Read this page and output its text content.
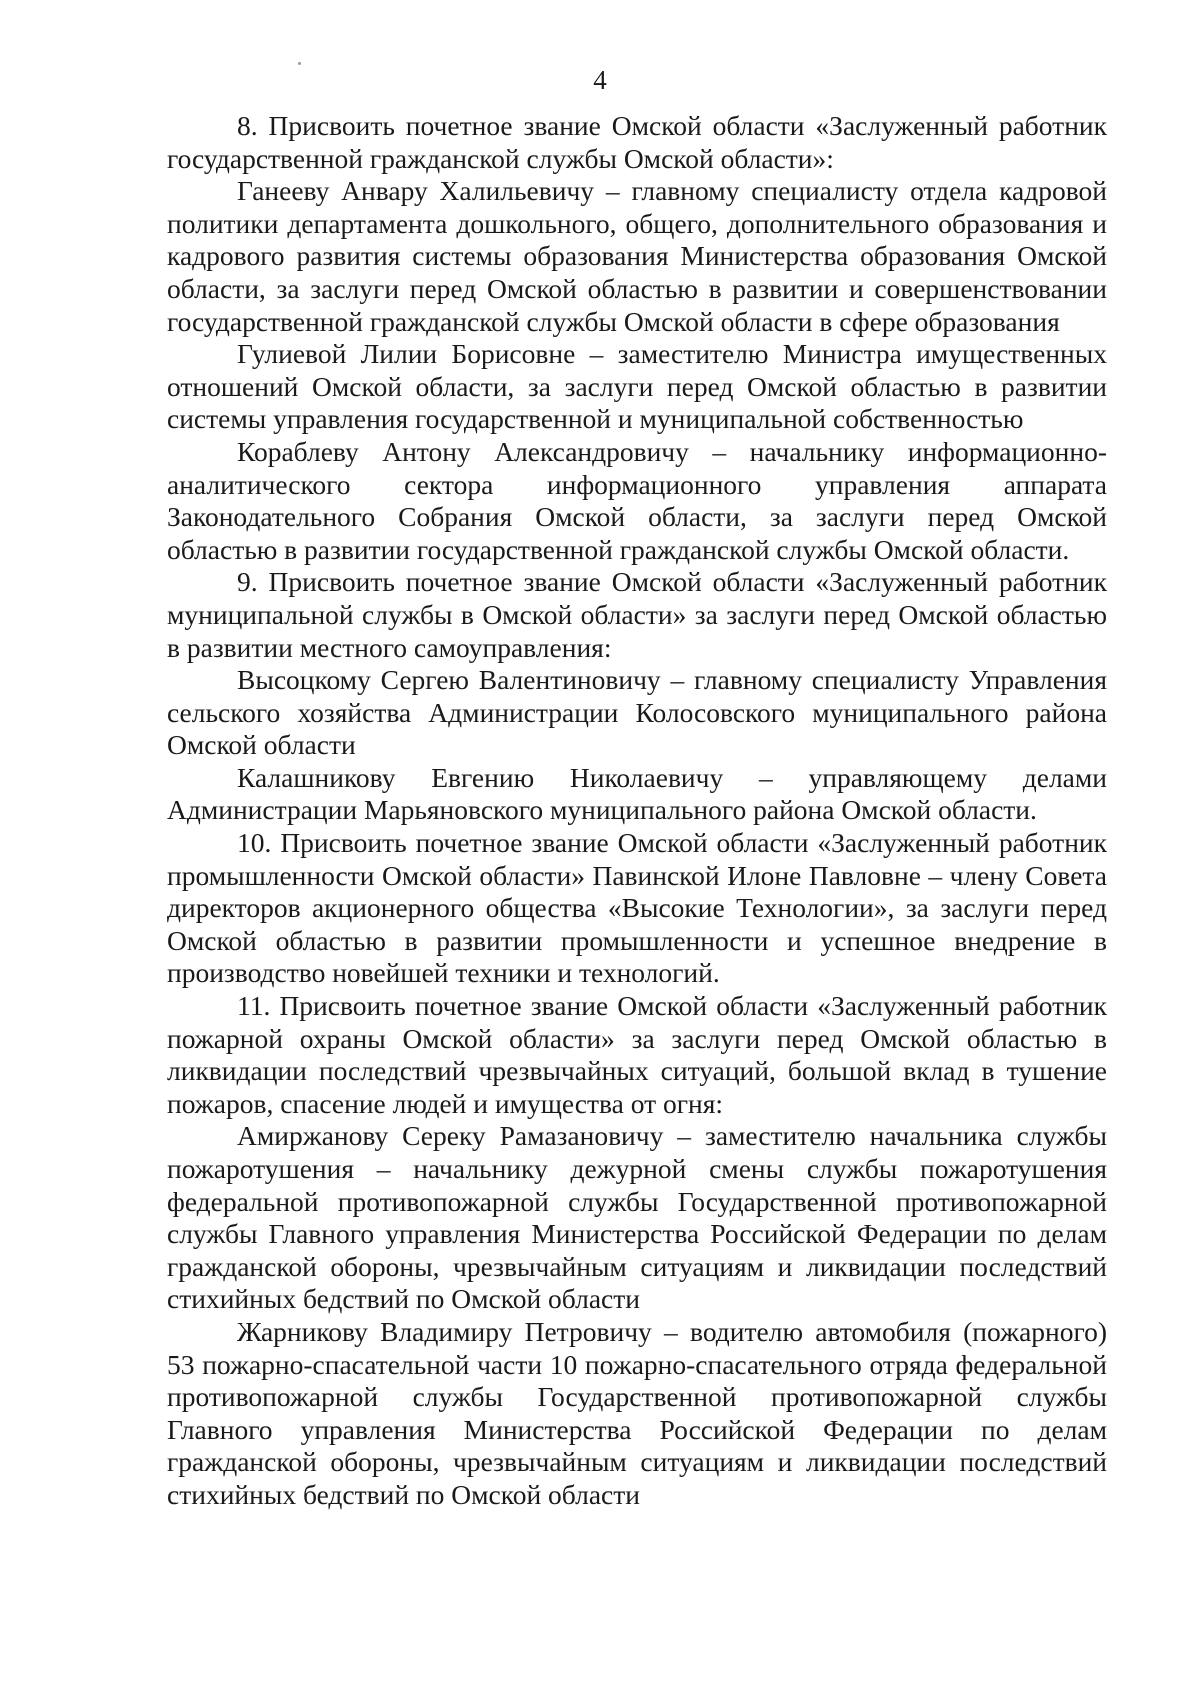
4

8. Присвоить почетное звание Омской области «Заслуженный работник государственной гражданской службы Омской области»:

Ганееву Анвару Халильевичу – главному специалисту отдела кадровой политики департамента дошкольного, общего, дополнительного образования и кадрового развития системы образования Министерства образования Омской области, за заслуги перед Омской областью в развитии и совершенствовании государственной гражданской службы Омской области в сфере образования

Гулиевой Лилии Борисовне – заместителю Министра имущественных отношений Омской области, за заслуги перед Омской областью в развитии системы управления государственной и муниципальной собственностью

Кораблеву Антону Александровичу – начальнику информационно-аналитического сектора информационного управления аппарата Законодательного Собрания Омской области, за заслуги перед Омской областью в развитии государственной гражданской службы Омской области.

9. Присвоить почетное звание Омской области «Заслуженный работник муниципальной службы в Омской области» за заслуги перед Омской областью в развитии местного самоуправления:

Высоцкому Сергею Валентиновичу – главному специалисту Управления сельского хозяйства Администрации Колосовского муниципального района Омской области

Калашникову Евгению Николаевичу – управляющему делами Администрации Марьяновского муниципального района Омской области.

10. Присвоить почетное звание Омской области «Заслуженный работник промышленности Омской области» Павинской Илоне Павловне – члену Совета директоров акционерного общества «Высокие Технологии», за заслуги перед Омской областью в развитии промышленности и успешное внедрение в производство новейшей техники и технологий.

11. Присвоить почетное звание Омской области «Заслуженный работник пожарной охраны Омской области» за заслуги перед Омской областью в ликвидации последствий чрезвычайных ситуаций, большой вклад в тушение пожаров, спасение людей и имущества от огня:

Амиржанову Сереку Рамазановичу – заместителю начальника службы пожаротушения – начальнику дежурной смены службы пожаротушения федеральной противопожарной службы Государственной противопожарной службы Главного управления Министерства Российской Федерации по делам гражданской обороны, чрезвычайным ситуациям и ликвидации последствий стихийных бедствий по Омской области

Жарникову Владимиру Петровичу – водителю автомобиля (пожарного) 53 пожарно-спасательной части 10 пожарно-спасательного отряда федеральной противопожарной службы Государственной противопожарной службы Главного управления Министерства Российской Федерации по делам гражданской обороны, чрезвычайным ситуациям и ликвидации последствий стихийных бедствий по Омской области
